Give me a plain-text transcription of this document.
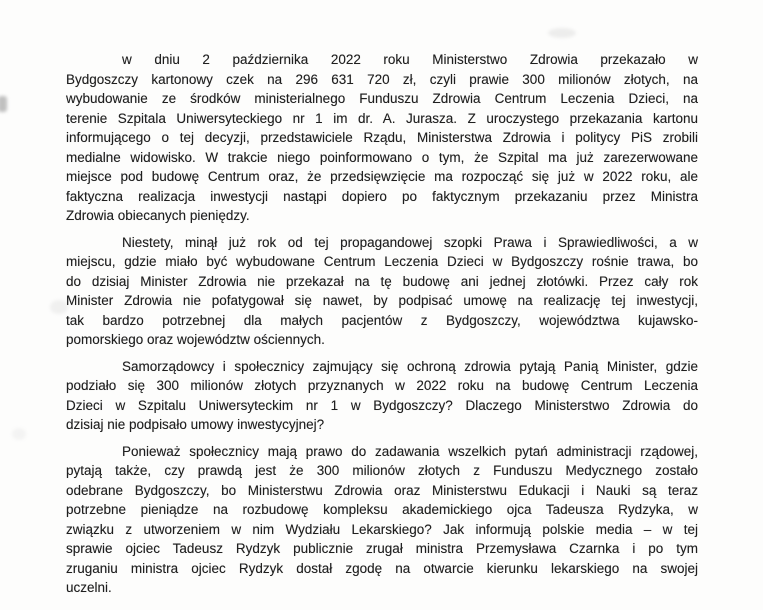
w dniu 2 października 2022 roku Ministerstwo Zdrowia przekazało w
Bydgoszczy kartonowy czek na 296 631 720 zł, czyli prawie 300 milionów złotych, na
wybudowanie ze środków ministerialnego Funduszu Zdrowia Centrum Leczenia Dzieci, na
terenie Szpitala Uniwersyteckiego nr 1 im dr. A. Jurasza. Z uroczystego przekazania kartonu
informującego o tej decyzji, przedstawiciele Rządu, Ministerstwa Zdrowia i politycy PiS zrobili
medialne widowisko. W trakcie niego poinformowano o tym, że Szpital ma już zarezerwowane
miejsce pod budowę Centrum oraz, że przedsięwzięcie ma rozpocząć się już w 2022 roku, ale
faktyczna realizacja inwestycji nastąpi dopiero po faktycznym przekazaniu przez Ministra
Zdrowia obiecanych pieniędzy.

Niestety, minął już rok od tej propagandowej szopki Prawa i Sprawiedliwości, a w
miejscu, gdzie miało być wybudowane Centrum Leczenia Dzieci w Bydgoszczy rośnie trawa, bo
do dzisiaj Minister Zdrowia nie przekazał na tę budowę ani jednej złotówki. Przez cały rok
Minister Zdrowia nie pofatygował się nawet, by podpisać umowę na realizację tej inwestycji,
tak bardzo potrzebnej dla małych pacjentów z Bydgoszczy, województwa kujawsko-
pomorskiego oraz województw ościennych.

Samorządowcy i społecznicy zajmujący się ochroną zdrowia pytają Panią Minister, gdzie
podziało się 300 milionów złotych przyznanych w 2022 roku na budowę Centrum Leczenia
Dzieci w Szpitalu Uniwersyteckim nr 1 w Bydgoszczy? Dlaczego Ministerstwo Zdrowia do
dzisiaj nie podpisało umowy inwestycyjnej?

Ponieważ społecznicy mają prawo do zadawania wszelkich pytań administracji rządowej,
pytają także, czy prawdą jest że 300 milionów złotych z Funduszu Medycznego zostało
odebrane Bydgoszczy, bo Ministerstwu Zdrowia oraz Ministerstwu Edukacji i Nauki są teraz
potrzebne pieniądze na rozbudowę kompleksu akademickiego ojca Tadeusza Rydzyka, w
związku z utworzeniem w nim Wydziału Lekarskiego? Jak informują polskie media – w tej
sprawie ojciec Tadeusz Rydzyk publicznie zrugał ministra Przemysława Czarnka i po tym
zruganiu ministra ojciec Rydzyk dostał zgodę na otwarcie kierunku lekarskiego na swojej
uczelni.
